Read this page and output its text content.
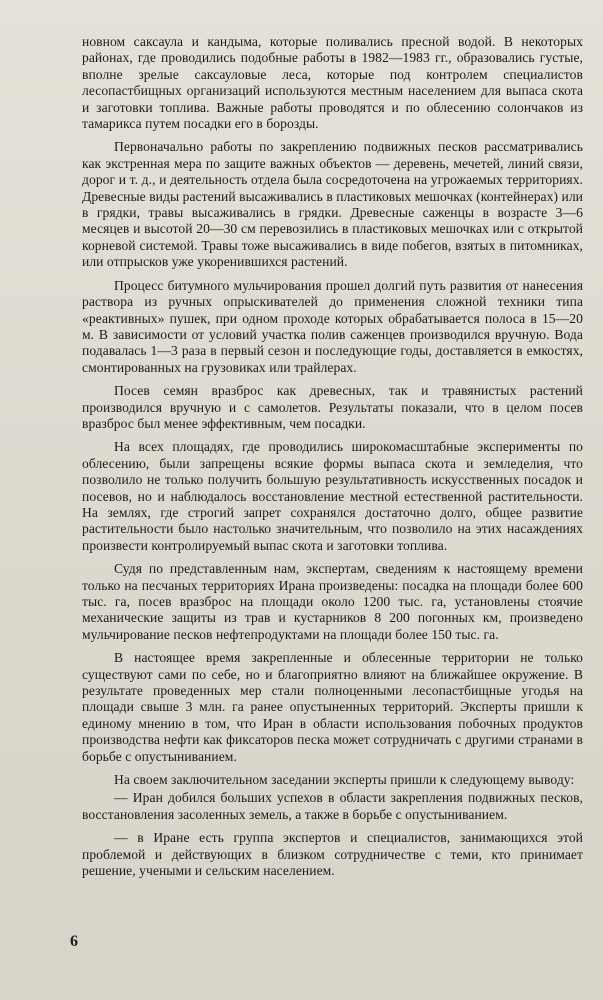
новном саксаула и кандыма, которые поливались пресной водой. В некоторых районах, где проводились подобные работы в 1982—1983 гг., образовались густые, вполне зрелые саксауловые леса, которые под контролем специалистов лесопастбищных организаций используются местным населением для выпаса скота и заготовки топлива. Важные работы проводятся и по облесению солончаков из тамарикса путем посадки его в борозды.

Первоначально работы по закреплению подвижных песков рассматривались как экстренная мера по защите важных объектов — деревень, мечетей, линий связи, дорог и т. д., и деятельность отдела была сосредоточена на угрожаемых территориях. Древесные виды растений высаживались в пластиковых мешочках (контейнерах) или в грядки, травы высаживались в грядки. Древесные саженцы в возрасте 3—6 месяцев и высотой 20—30 см перевозились в пластиковых мешочках или с открытой корневой системой. Травы тоже высаживались в виде побегов, взятых в питомниках, или отпрысков уже укоренившихся растений.

Процесс битумного мульчирования прошел долгий путь развития от нанесения раствора из ручных опрыскивателей до применения сложной техники типа «реактивных» пушек, при одном проходе которых обрабатывается полоса в 15—20 м. В зависимости от условий участка полив саженцев производился вручную. Вода подавалась 1—3 раза в первый сезон и последующие годы, доставляется в емкостях, смонтированных на грузовиках или трайлерах.

Посев семян вразброс как древесных, так и травянистых растений производился вручную и с самолетов. Результаты показали, что в целом посев вразброс был менее эффективным, чем посадки.

На всех площадях, где проводились широкомасштабные эксперименты по облесению, были запрещены всякие формы выпаса скота и земледелия, что позволило не только получить большую результативность искусственных посадок и посевов, но и наблюдалось восстановление местной естественной растительности. На землях, где строгий запрет сохранялся достаточно долго, общее развитие растительности было настолько значительным, что позволило на этих насаждениях произвести контролируемый выпас скота и заготовки топлива.

Судя по представленным нам, экспертам, сведениям к настоящему времени только на песчаных территориях Ирана произведены: посадка на площади более 600 тыс. га, посев вразброс на площади около 1200 тыс. га, установлены стоячие механические защиты из трав и кустарников 8 200 погонных км, произведено мульчирование песков нефтепродуктами на площади более 150 тыс. га.

В настоящее время закрепленные и облесенные территории не только существуют сами по себе, но и благоприятно влияют на ближайшее окружение. В результате проведенных мер стали полноценными лесопастбищные угодья на площади свыше 3 млн. га ранее опустыненных территорий. Эксперты пришли к единому мнению в том, что Иран в области использования побочных продуктов производства нефти как фиксаторов песка может сотрудничать с другими странами в борьбе с опустыниванием.

На своем заключительном заседании эксперты пришли к следующему выводу:

— Иран добился больших успехов в области закрепления подвижных песков, восстановления засоленных земель, а также в борьбе с опустыниванием.

— в Иране есть группа экспертов и специалистов, занимающихся этой проблемой и действующих в близком сотрудничестве с теми, кто принимает решение, учеными и сельским населением.

6
